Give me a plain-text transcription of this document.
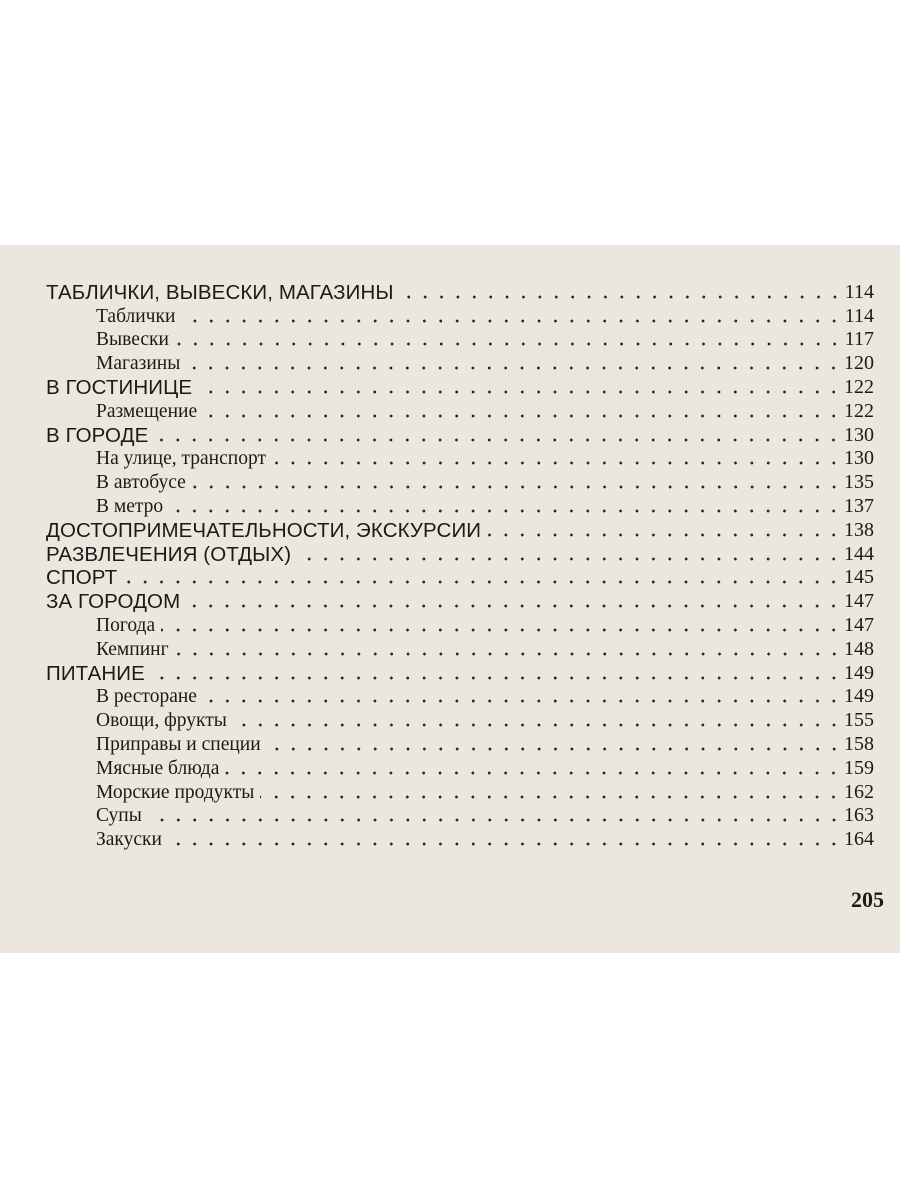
ТАБЛИЧКИ, ВЫВЕСКИ, МАГАЗИНЫ	114
Таблички	114
Вывески	117
Магазины	120
В ГОСТИНИЦЕ	122
Размещение	122
В ГОРОДЕ	130
На улице, транспорт	130
В автобусе	135
В метро	137
ДОСТОПРИМЕЧАТЕЛЬНОСТИ, ЭКСКУРСИИ	138
РАЗВЛЕЧЕНИЯ (ОТДЫХ)	144
СПОРТ	145
ЗА ГОРОДОМ	147
Погода	147
Кемпинг	148
ПИТАНИЕ	149
В ресторане	149
Овощи, фрукты	155
Приправы и специи	158
Мясные блюда	159
Морские продукты	162
Супы	163
Закуски	164
205
